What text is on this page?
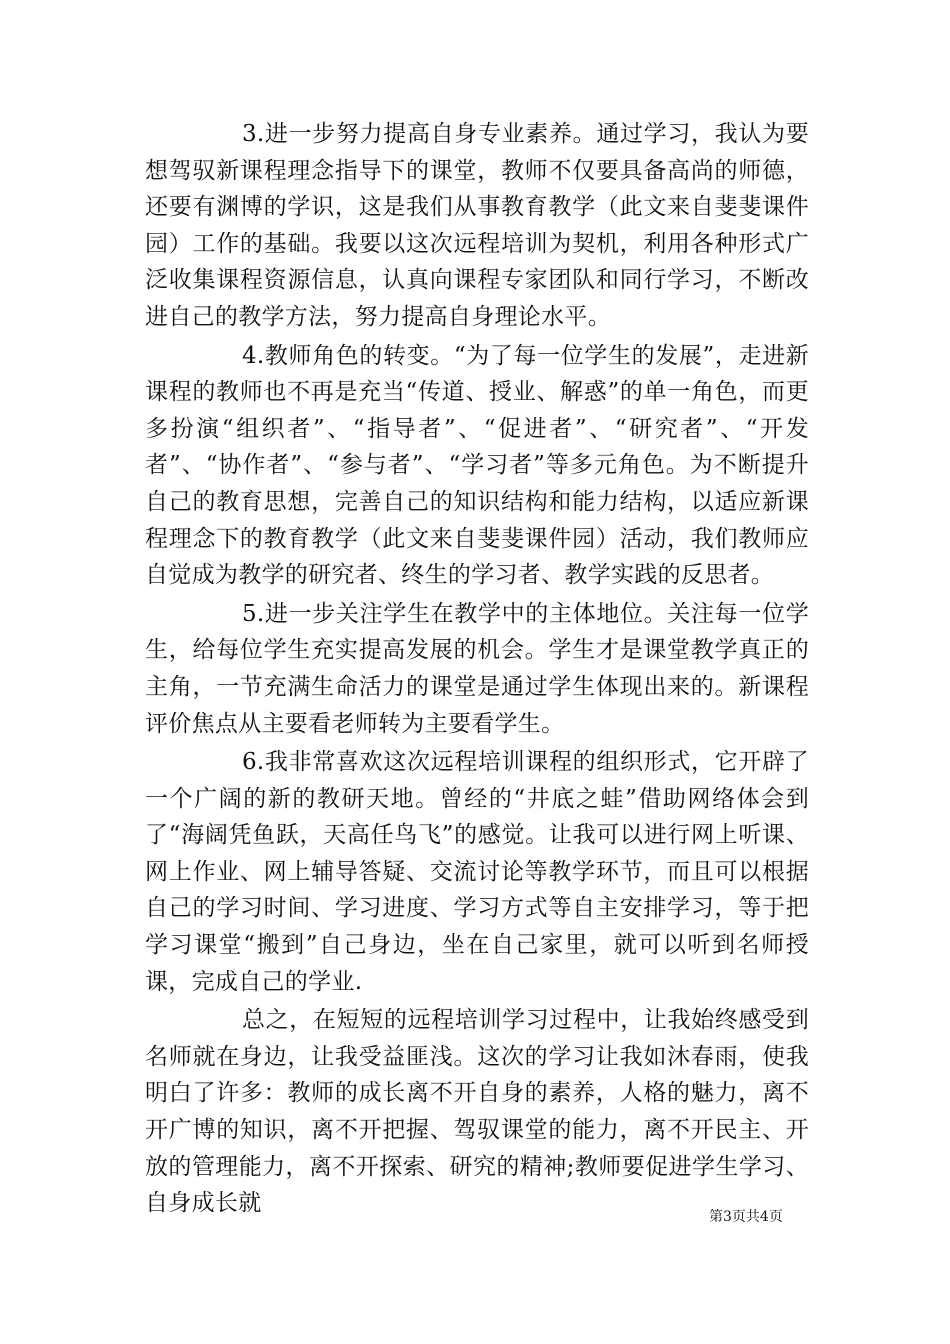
3.进一步努力提高自身专业素养。通过学习，我认为要想驾驭新课程理念指导下的课堂，教师不仅要具备高尚的师德，还要有渊博的学识，这是我们从事教育教学（此文来自斐斐课件园）工作的基础。我要以这次远程培训为契机，利用各种形式广泛收集课程资源信息，认真向课程专家团队和同行学习，不断改进自己的教学方法，努力提高自身理论水平。

4.教师角色的转变。“为了每一位学生的发展”，走进新课程的教师也不再是充当“传道、授业、解惑”的单一角色，而更多扮演“组织者”、“指导者”、“促进者”、“研究者”、“开发者”、“协作者”、“参与者”、“学习者”等多元角色。为不断提升自己的教育思想，完善自己的知识结构和能力结构，以适应新课程理念下的教育教学（此文来自斐斐课件园）活动，我们教师应自觉成为教学的研究者、终生的学习者、教学实践的反思者。

5.进一步关注学生在教学中的主体地位。关注每一位学生，给每位学生充实提高发展的机会。学生才是课堂教学真正的主角，一节充满生命活力的课堂是通过学生体现出来的。新课程评价焦点从主要看老师转为主要看学生。

6.我非常喜欢这次远程培训课程的组织形式，它开辟了一个广阔的新的教研天地。曾经的“井底之蛙”借助网络体会到了“海阔凭鱼跃，天高任鸟飞”的感觉。让我可以进行网上听课、网上作业、网上辅导答疑、交流讨论等教学环节，而且可以根据自己的学习时间、学习进度、学习方式等自主安排学习，等于把学习课堂“搬到”自己身边，坐在自己家里，就可以听到名师授课，完成自己的学业.

总之，在短短的远程培训学习过程中，让我始终感受到名师就在身边，让我受益匪浅。这次的学习让我如沐春雨，使我明白了许多：教师的成长离不开自身的素养，人格的魅力，离不开广博的知识，离不开把握、驾驭课堂的能力，离不开民主、开放的管理能力，离不开探索、研究的精神;教师要促进学生学习、自身成长就

第3页共4页
